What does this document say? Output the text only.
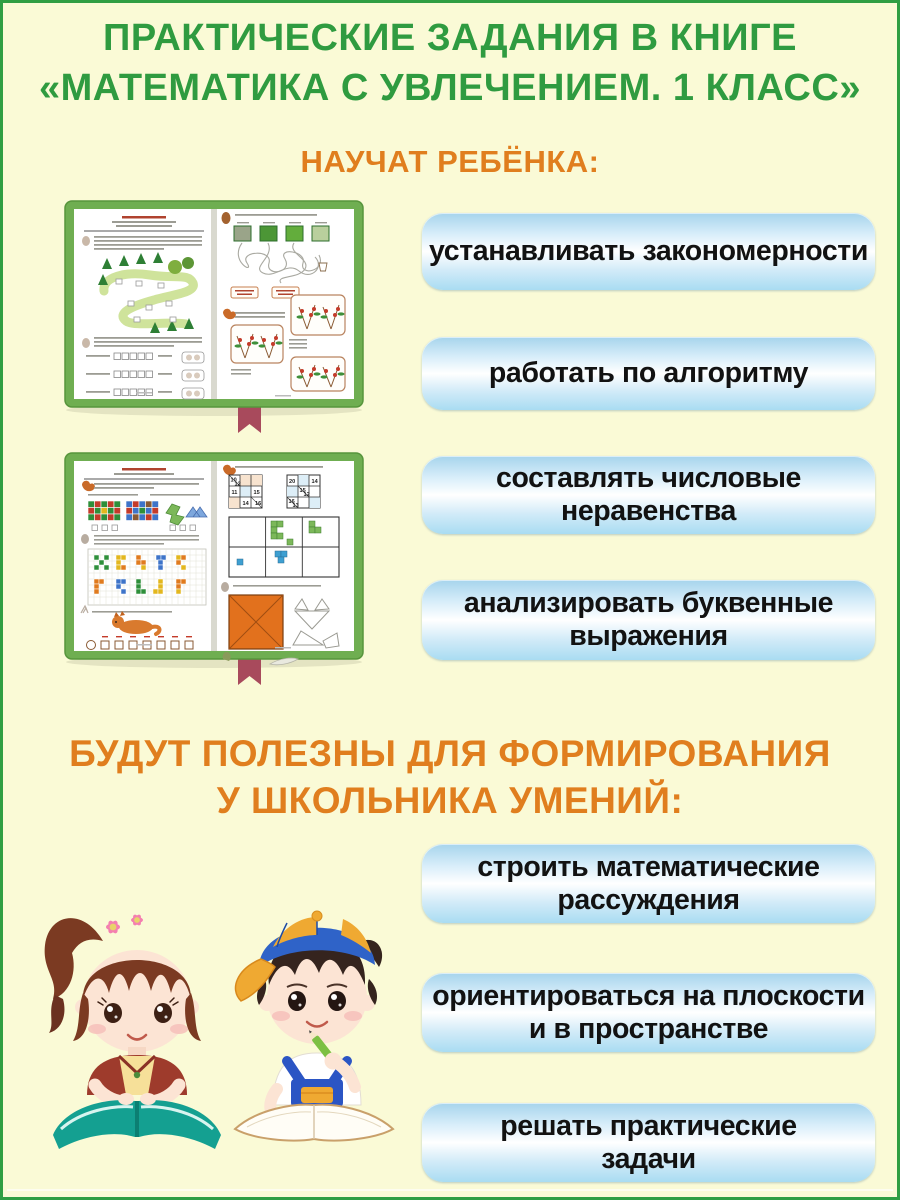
ПРАКТИЧЕСКИЕ ЗАДАНИЯ В КНИГЕ
«МАТЕМАТИКА С УВЛЕЧЕНИЕМ. 1 КЛАСС»
НАУЧАТ РЕБЁНКА:
10
12
11	15
14 16
20	14
15
12
16
13
устанавливать закономерности
работать по алгоритму
составлять числовые
неравенства
анализировать буквенные
выражения
БУДУТ ПОЛЕЗНЫ ДЛЯ ФОРМИРОВАНИЯ
У ШКОЛЬНИКА УМЕНИЙ:
строить математические
рассуждения
ориентироваться на плоскости
и в пространстве
решать практические
задачи
